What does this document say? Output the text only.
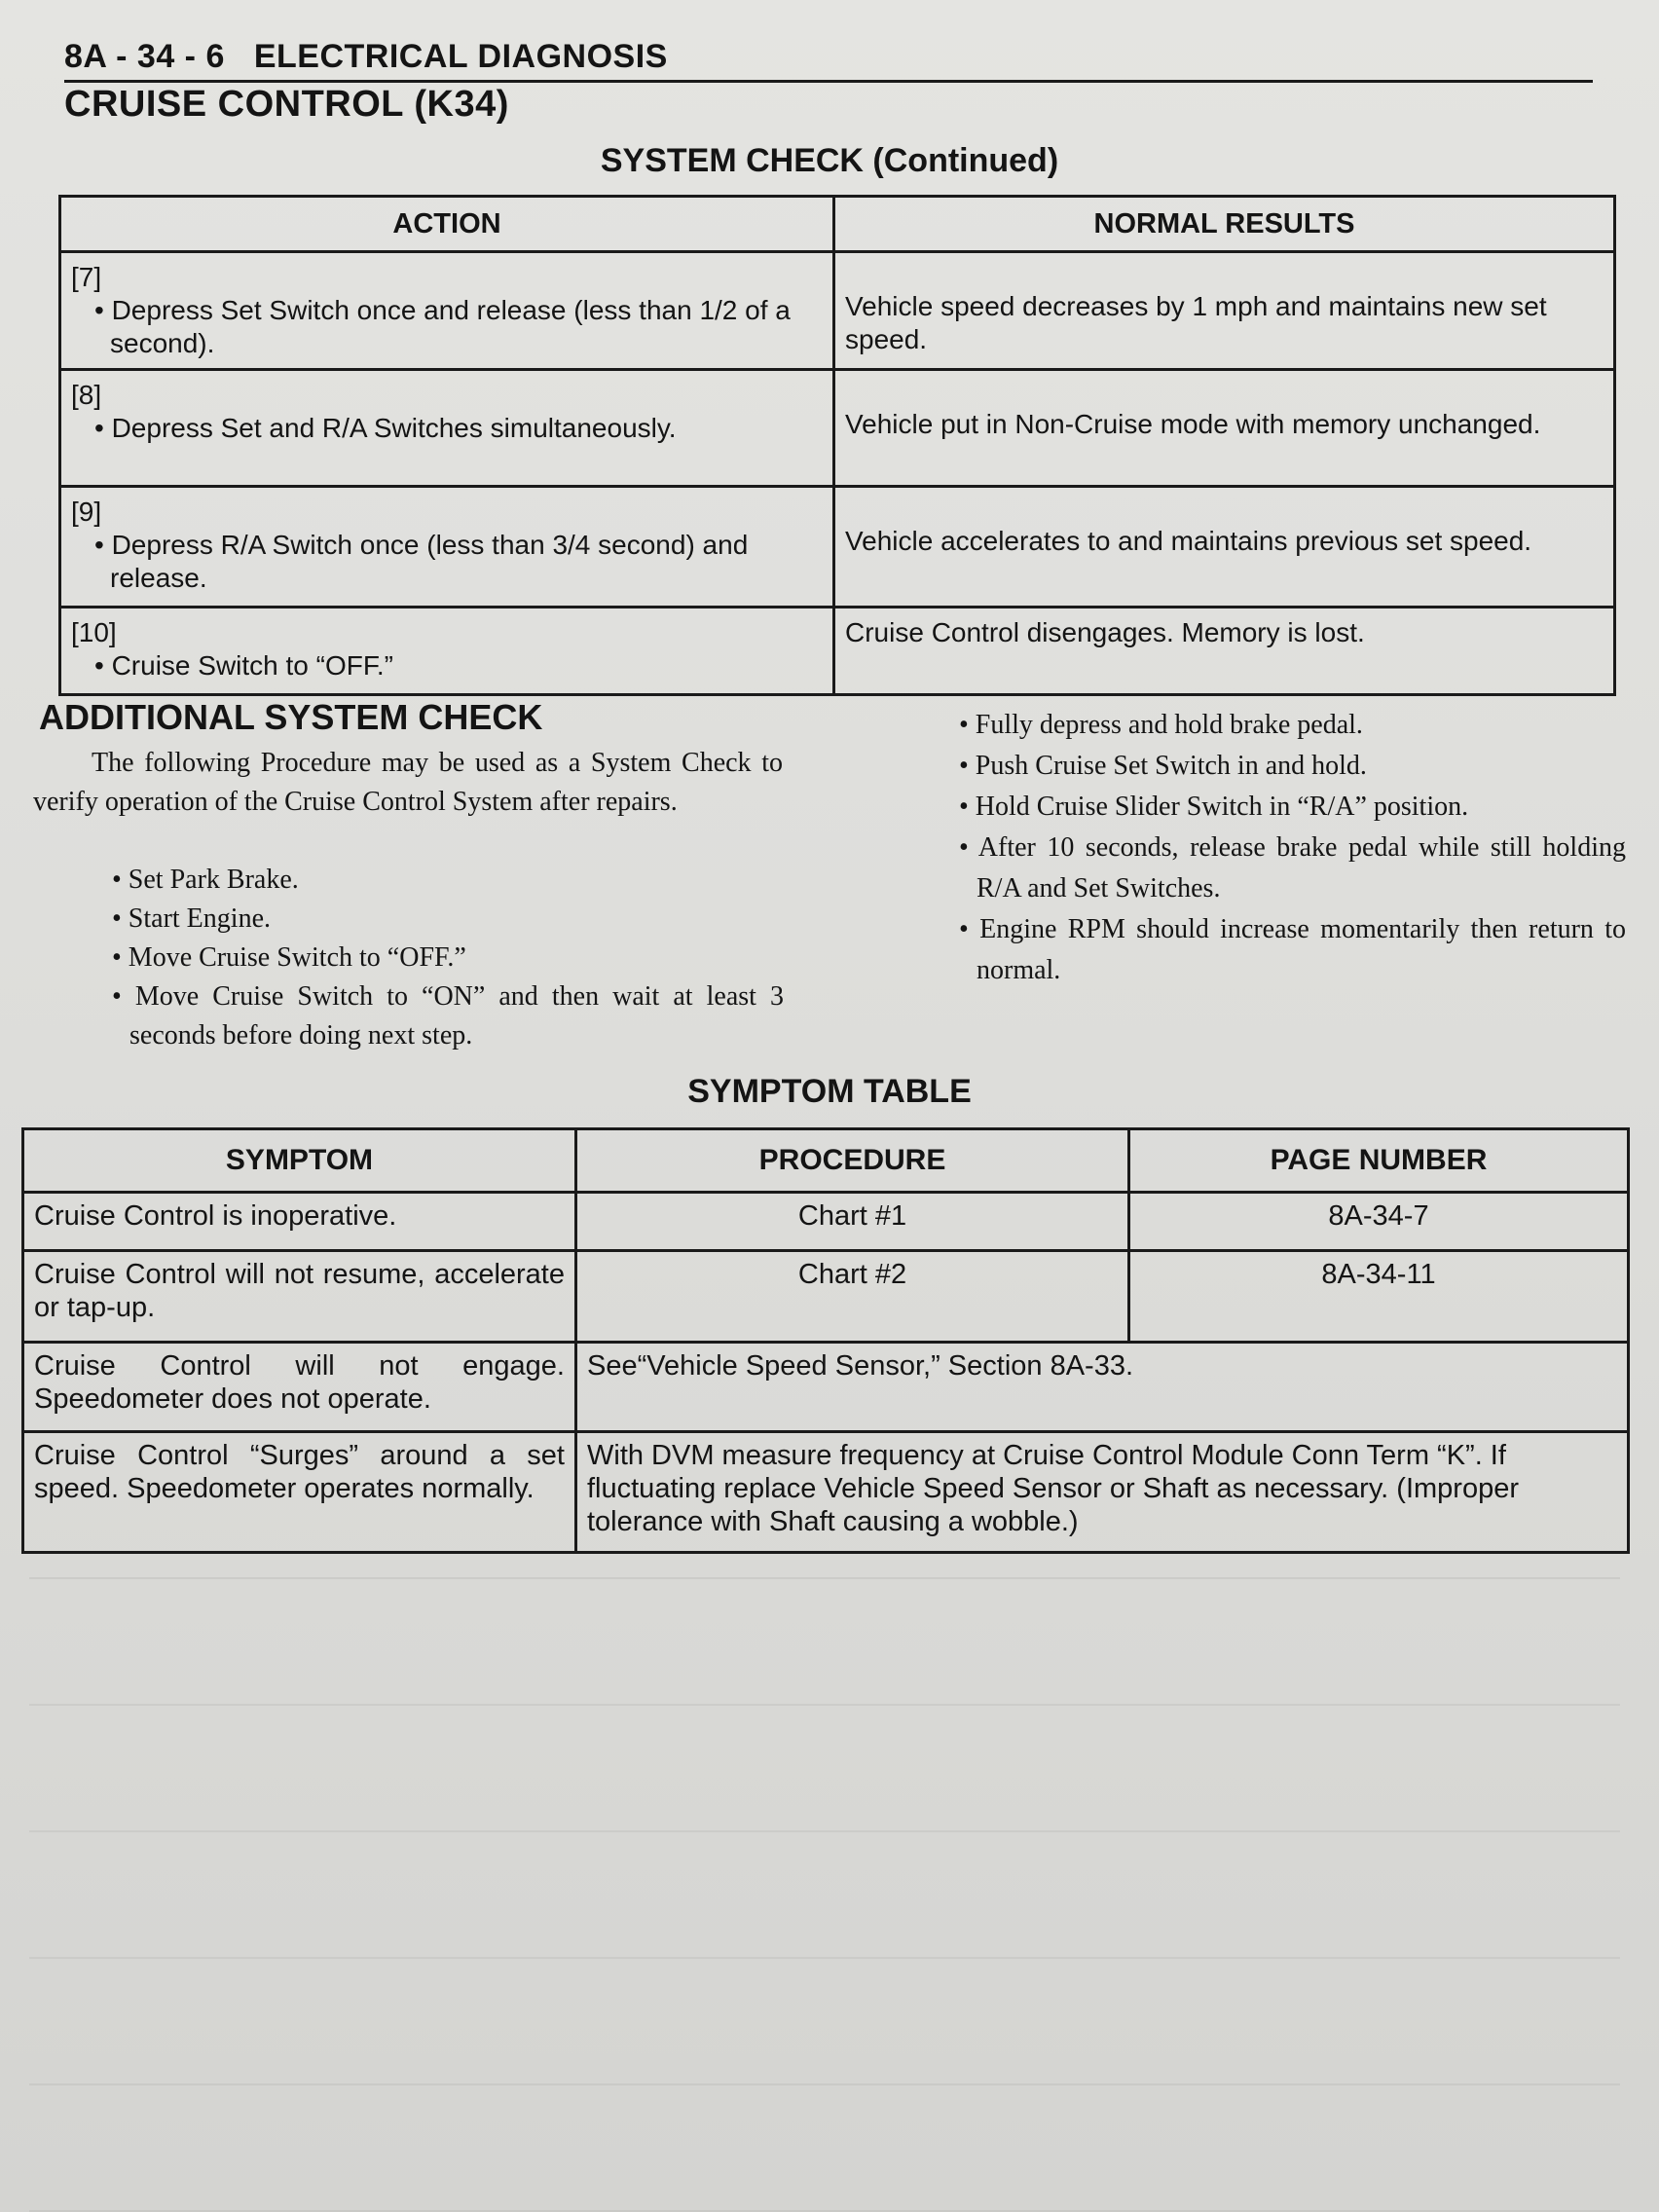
8A - 34 - 6 ELECTRICAL DIAGNOSIS
CRUISE CONTROL (K34)
SYSTEM CHECK (Continued)
ACTION	NORMAL RESULTS

[7]
• Depress Set Switch once and release (less than 1/2 of a second).	Vehicle speed decreases by 1 mph and maintains new set speed.

[8]
• Depress Set and R/A Switches simultaneously.	Vehicle put in Non-Cruise mode with memory unchanged.

[9]
• Depress R/A Switch once (less than 3/4 second) and release.	Vehicle accelerates to and maintains previous set speed.

[10]
• Cruise Switch to “OFF.”	Cruise Control disengages. Memory is lost.
ADDITIONAL SYSTEM CHECK
The following Procedure may be used as a System Check to verify operation of the Cruise Control System after repairs.
• Set Park Brake.
• Start Engine.
• Move Cruise Switch to “OFF.”
• Move Cruise Switch to “ON” and then wait at least 3 seconds before doing next step.
• Fully depress and hold brake pedal.
• Push Cruise Set Switch in and hold.
• Hold Cruise Slider Switch in “R/A” position.
• After 10 seconds, release brake pedal while still holding R/A and Set Switches.
• Engine RPM should increase momentarily then return to normal.
SYMPTOM TABLE
SYMPTOM	PROCEDURE	PAGE NUMBER
Cruise Control is inoperative.	Chart #1	8A-34-7
Cruise Control will not resume, accelerate or tap-up.	Chart #2	8A-34-11
Cruise Control will not engage. Speedometer does not operate.	See“Vehicle Speed Sensor,” Section 8A-33.	
Cruise Control “Surges” around a set speed. Speedometer operates normally.	With DVM measure frequency at Cruise Control Module Conn Term “K”. If fluctuating replace Vehicle Speed Sensor or Shaft as necessary. (Improper tolerance with Shaft causing a wobble.)	
